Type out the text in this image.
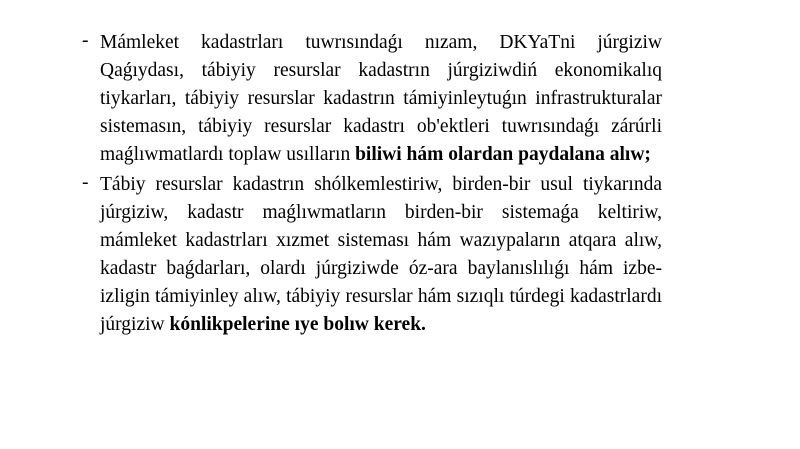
- Mámleket kadastrları tuwrısındaǵı nızam, DKYaTni júrgiziw Qaǵıydası, tábiyiy resurslar kadastrın júrgiziwdiń ekonomikalıq tiykarları, tábiyiy resurslar kadastrın támiyinleytuǵın infrastrukturalar sistemasın, tábiyiy resurslar kadastrı ob'ektleri tuwrısındaǵı zárúrli maǵlıwmatlardı toplaw usılların biliwi hám olardan paydalana alıw;
- Tábiy resurslar kadastrın shólkemlestiriw, birden-bir usul tiykarında júrgiziw, kadastr maǵlıwmatların birden-bir sistemaǵa keltiriw, mámleket kadastrları xızmet sisteması hám wazıypaların atqara alıw, kadastr baǵdarları, olardı júrgiziwde óz-ara baylanıslılıǵı hám izbe-izligin támiyinley alıw, tábiyiy resurslar hám sızıqlı túrdegi kadastrlardı júrgiziw kónlikpelerine ıye bolıw kerek.
